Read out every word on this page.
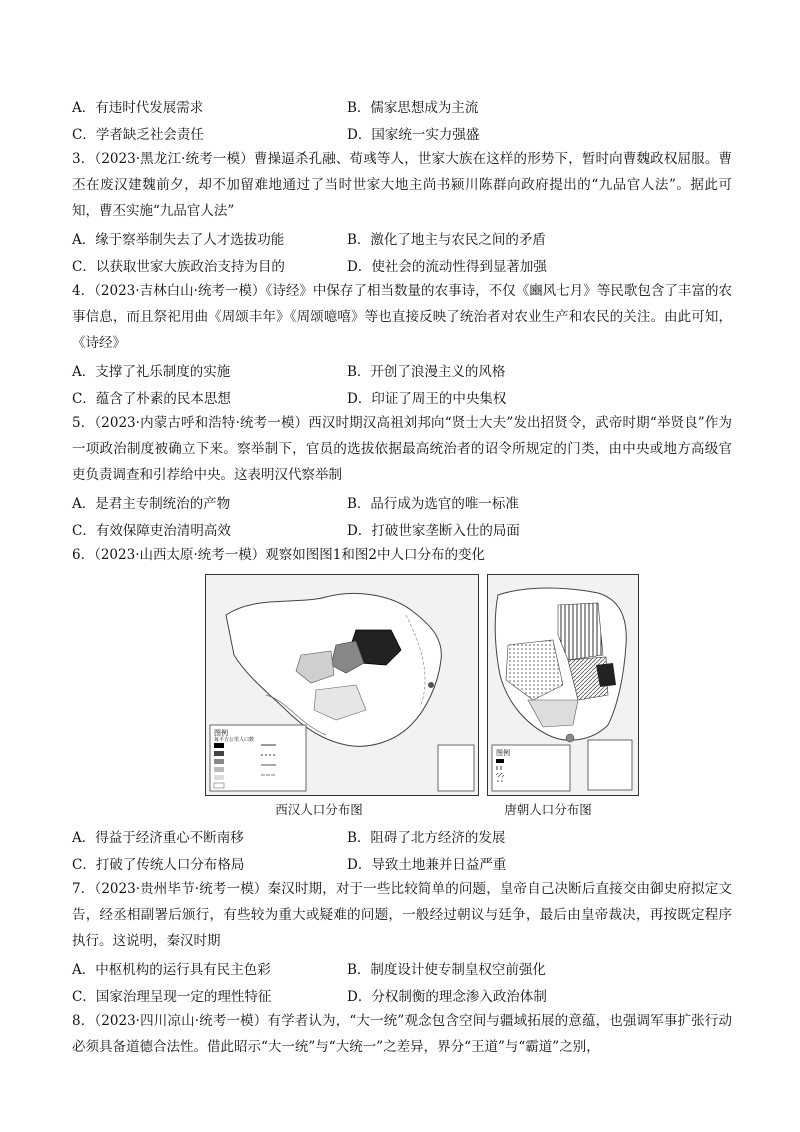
A．有违时代发展需求	B．儒家思想成为主流
C．学者缺乏社会责任	D．国家统一实力强盛
3．（2023·黑龙江·统考一模）曹操逼杀孔融、荀彧等人，世家大族在这样的形势下，暂时向曹魏政权屈服。曹丕在废汉建魏前夕，却不加留难地通过了当时世家大地主尚书颍川陈群向政府提出的“九品官人法”。据此可知，曹丕实施“九品官人法”
A．缘于察举制失去了人才选拔功能	B．激化了地主与农民之间的矛盾
C．以获取世家大族政治支持为目的	D．使社会的流动性得到显著加强
4．（2023·吉林白山·统考一模）《诗经》中保存了相当数量的农事诗，不仅《豳风七月》等民歌包含了丰富的农事信息，而且祭祀用曲《周颂丰年》《周颂噫嘻》等也直接反映了统治者对农业生产和农民的关注。由此可知，《诗经》
A．支撑了礼乐制度的实施	B．开创了浪漫主义的风格
C．蕴含了朴素的民本思想	D．印证了周王的中央集权
5．（2023·内蒙古呼和浩特·统考一模）西汉时期汉高祖刘邦向“贤士大夫”发出招贤令，武帝时期“举贤良”作为一项政治制度被确立下来。察举制下，官员的选拔依据最高统治者的诏令所规定的门类，由中央或地方高级官吏负责调查和引荐给中央。这表明汉代察举制
A．是君主专制统治的产物	B．品行成为选官的唯一标准
C．有效保障吏治清明高效	D．打破世家垄断入仕的局面
6．（2023·山西太原·统考一模）观察如图图1和图2中人口分布的变化
图例
每平方公里人口数
图例
西汉人口分布图	唐朝人口分布图
A．得益于经济重心不断南移	B．阻碍了北方经济的发展
C．打破了传统人口分布格局	D．导致土地兼并日益严重
7．（2023·贵州毕节·统考一模）秦汉时期，对于一些比较简单的问题，皇帝自己决断后直接交由御史府拟定文告，经丞相副署后颁行，有些较为重大或疑难的问题，一般经过朝议与廷争，最后由皇帝裁决，再按既定程序执行。这说明，秦汉时期
A．中枢机构的运行具有民主色彩	B．制度设计使专制皇权空前强化
C．国家治理呈现一定的理性特征	D．分权制衡的理念渗入政治体制
8．（2023·四川凉山·统考一模）有学者认为，“大一统”观念包含空间与疆域拓展的意蕴，也强调军事扩张行动必须具备道德合法性。借此昭示“大一统”与“大统一”之差异，界分“王道”与“霸道”之别，
